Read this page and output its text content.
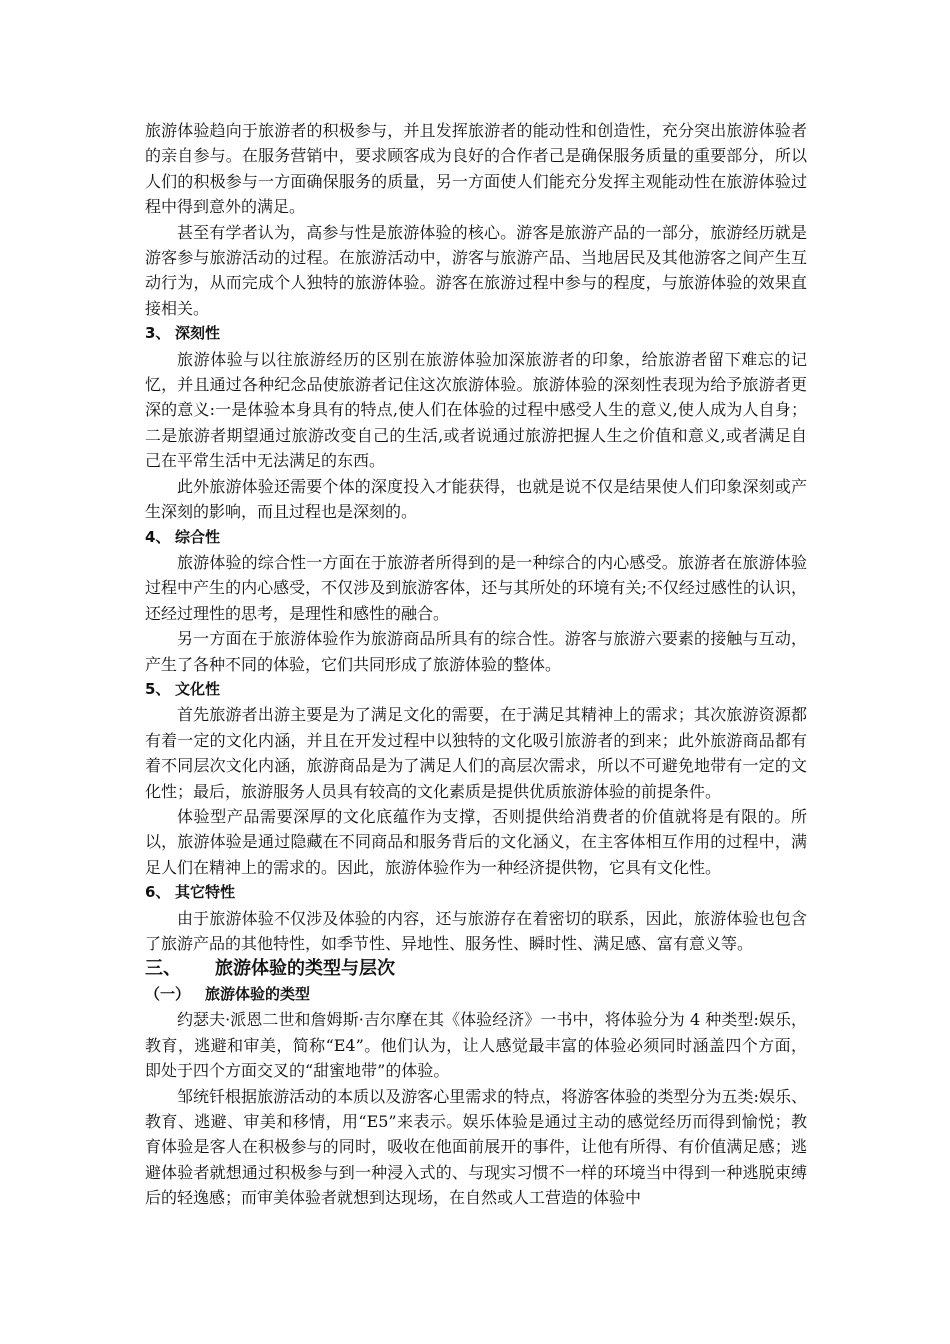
旅游体验趋向于旅游者的积极参与，并且发挥旅游者的能动性和创造性，充分突出旅游体验者的亲自参与。在服务营销中，要求顾客成为良好的合作者己是确保服务质量的重要部分，所以人们的积极参与一方面确保服务的质量，另一方面使人们能充分发挥主观能动性在旅游体验过程中得到意外的满足。

甚至有学者认为，高参与性是旅游体验的核心。游客是旅游产品的一部分，旅游经历就是游客参与旅游活动的过程。在旅游活动中，游客与旅游产品、当地居民及其他游客之间产生互动行为，从而完成个人独特的旅游体验。游客在旅游过程中参与的程度，与旅游体验的效果直接相关。

3、 深刻性

旅游体验与以往旅游经历的区别在旅游体验加深旅游者的印象，给旅游者留下难忘的记忆，并且通过各种纪念品使旅游者记住这次旅游体验。旅游体验的深刻性表现为给予旅游者更深的意义:一是体验本身具有的特点,使人们在体验的过程中感受人生的意义,使人成为人自身；二是旅游者期望通过旅游改变自己的生活,或者说通过旅游把握人生之价值和意义,或者满足自己在平常生活中无法满足的东西。

此外旅游体验还需要个体的深度投入才能获得，也就是说不仅是结果使人们印象深刻或产生深刻的影响，而且过程也是深刻的。

4、 综合性

旅游体验的综合性一方面在于旅游者所得到的是一种综合的内心感受。旅游者在旅游体验过程中产生的内心感受，不仅涉及到旅游客体，还与其所处的环境有关;不仅经过感性的认识，还经过理性的思考，是理性和感性的融合。

另一方面在于旅游体验作为旅游商品所具有的综合性。游客与旅游六要素的接触与互动，产生了各种不同的体验，它们共同形成了旅游体验的整体。

5、 文化性

首先旅游者出游主要是为了满足文化的需要，在于满足其精神上的需求；其次旅游资源都有着一定的文化内涵，并且在开发过程中以独特的文化吸引旅游者的到来；此外旅游商品都有着不同层次文化内涵，旅游商品是为了满足人们的高层次需求，所以不可避免地带有一定的文化性；最后，旅游服务人员具有较高的文化素质是提供优质旅游体验的前提条件。

体验型产品需要深厚的文化底蕴作为支撑，否则提供给消费者的价值就将是有限的。所以，旅游体验是通过隐藏在不同商品和服务背后的文化涵义，在主客体相互作用的过程中，满足人们在精神上的需求的。因此，旅游体验作为一种经济提供物，它具有文化性。

6、 其它特性

由于旅游体验不仅涉及体验的内容，还与旅游存在着密切的联系，因此，旅游体验也包含了旅游产品的其他特性，如季节性、异地性、服务性、瞬时性、满足感、富有意义等。

三、 旅游体验的类型与层次

（一） 旅游体验的类型

约瑟夫·派恩二世和詹姆斯·吉尔摩在其《体验经济》一书中，将体验分为 4 种类型:娱乐，教育，逃避和审美，简称“E4”。他们认为，让人感觉最丰富的体验必须同时涵盖四个方面，即处于四个方面交叉的“甜蜜地带”的体验。

邹统钎根据旅游活动的本质以及游客心里需求的特点，将游客体验的类型分为五类:娱乐、教育、逃避、审美和移情，用“E5”来表示。娱乐体验是通过主动的感觉经历而得到愉悦；教育体验是客人在积极参与的同时，吸收在他面前展开的事件，让他有所得、有价值满足感；逃避体验者就想通过积极参与到一种浸入式的、与现实习惯不一样的环境当中得到一种逃脱束缚后的轻逸感；而审美体验者就想到达现场，在自然或人工营造的体验中
